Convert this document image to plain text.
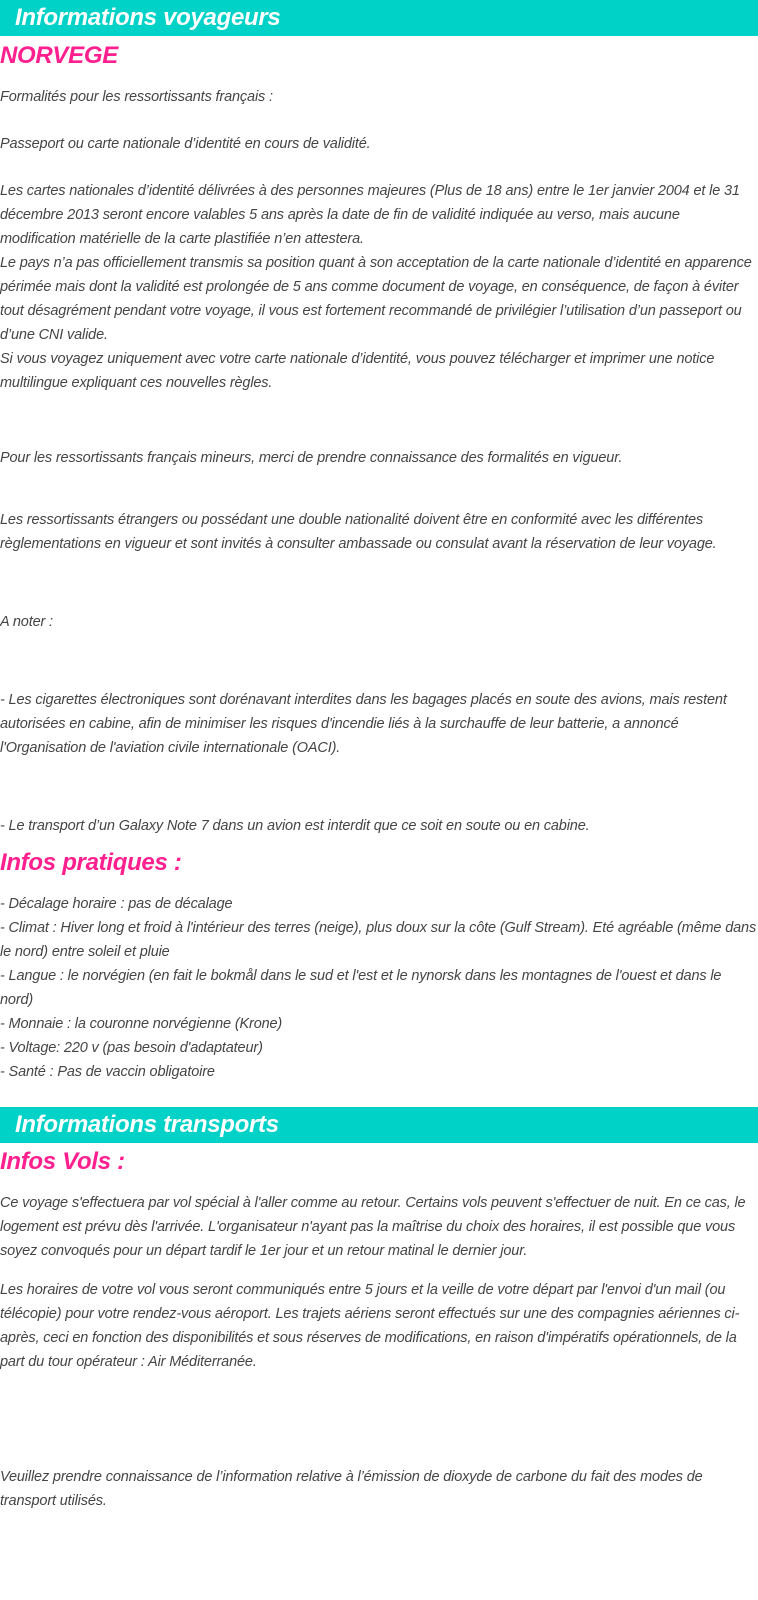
Informations voyageurs
NORVEGE

Formalités pour les ressortissants français :

Passeport ou carte nationale d’identité en cours de validité.

Les cartes nationales d’identité délivrées à des personnes majeures (Plus de 18 ans) entre le 1er janvier 2004 et le 31 décembre 2013 seront encore valables 5 ans après la date de fin de validité indiquée au verso, mais aucune modification matérielle de la carte plastifiée n’en attestera.

Le pays n’a pas officiellement transmis sa position quant à son acceptation de la carte nationale d’identité en apparence périmée mais dont la validité est prolongée de 5 ans comme document de voyage, en conséquence, de façon à éviter tout désagrément pendant votre voyage, il vous est fortement recommandé de privilégier l’utilisation d’un passeport ou d’une CNI valide.

Si vous voyagez uniquement avec votre carte nationale d’identité, vous pouvez télécharger et imprimer une notice multilingue expliquant ces nouvelles règles.

Pour les ressortissants français mineurs, merci de prendre connaissance des formalités en vigueur.

Les ressortissants étrangers ou possédant une double nationalité doivent être en conformité avec les différentes règlementations en vigueur et sont invités à consulter ambassade ou consulat avant la réservation de leur voyage.

A noter :

- Les cigarettes électroniques sont dorénavant interdites dans les bagages placés en soute des avions, mais restent autorisées en cabine, afin de minimiser les risques d'incendie liés à la surchauffe de leur batterie, a annoncé l'Organisation de l'aviation civile internationale (OACI).

- Le transport d’un Galaxy Note 7 dans un avion est interdit que ce soit en soute ou en cabine.

Infos pratiques :

- Décalage horaire : pas de décalage

- Climat : Hiver long et froid à l'intérieur des terres (neige), plus doux sur la côte (Gulf Stream). Eté agréable (même dans le nord) entre soleil et pluie

- Langue : le norvégien (en fait le bokmål dans le sud et l'est et le nynorsk dans les montagnes de l'ouest et dans le nord)

- Monnaie : la couronne norvégienne (Krone)

- Voltage: 220 v (pas besoin d'adaptateur)

- Santé : Pas de vaccin obligatoire

Informations transports
Infos Vols :

Ce voyage s'effectuera par vol spécial à l'aller comme au retour. Certains vols peuvent s'effectuer de nuit. En ce cas, le logement est prévu dès l'arrivée. L'organisateur n'ayant pas la maîtrise du choix des horaires, il est possible que vous soyez convoqués pour un départ tardif le 1er jour et un retour matinal le dernier jour.

Les horaires de votre vol vous seront communiqués entre 5 jours et la veille de votre départ par l'envoi d'un mail (ou télécopie) pour votre rendez-vous aéroport. Les trajets aériens seront effectués sur une des compagnies aériennes ci-après, ceci en fonction des disponibilités et sous réserves de modifications, en raison d'impératifs opérationnels, de la part du tour opérateur : Air Méditerranée.

Veuillez prendre connaissance de l’information relative à l’émission de dioxyde de carbone du fait des modes de transport utilisés.
